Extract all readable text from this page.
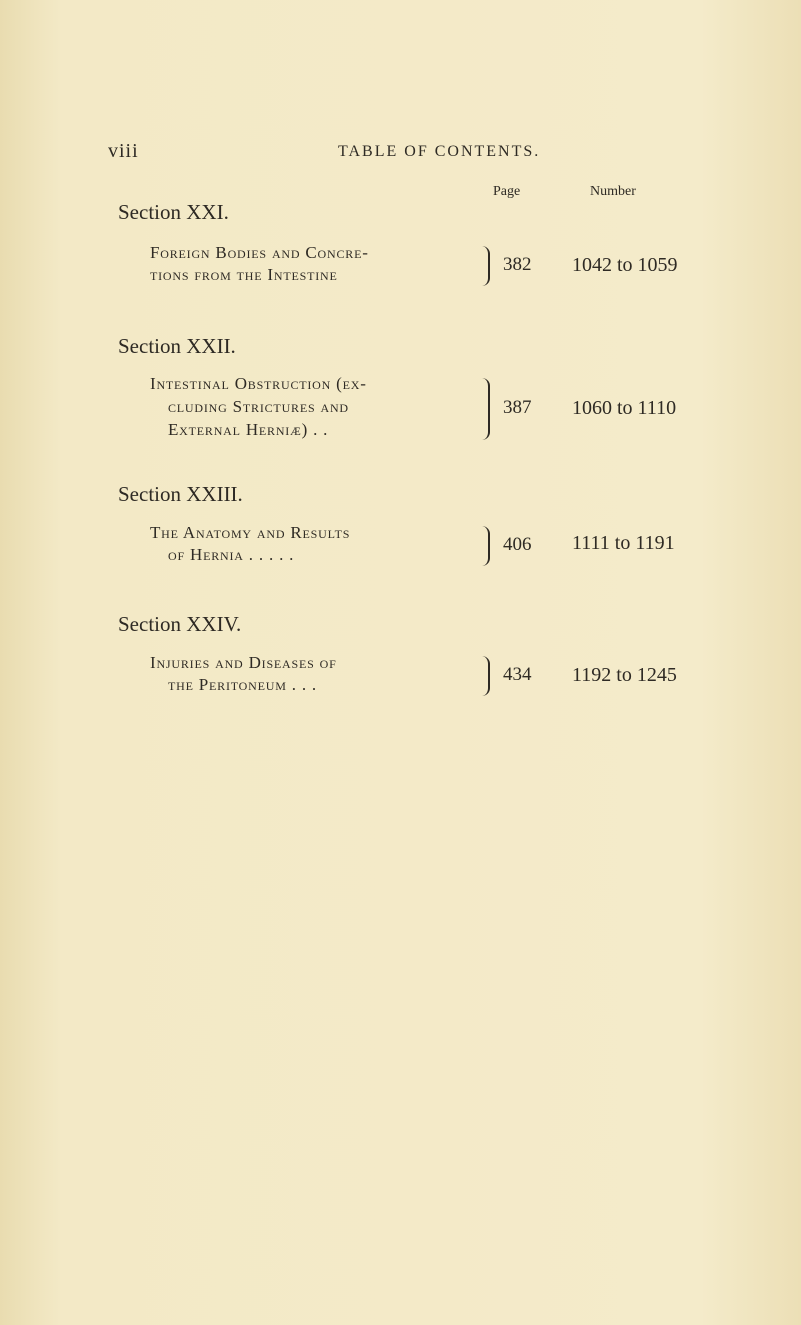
viii	TABLE OF CONTENTS.
Page	Number
Section XXI.
Foreign Bodies and Concre-
tions from the Intestine	382 1042 to 1059
Section XXII.
Intestinal Obstruction (ex-
cluding Strictures and
External Herniæ) . .
387 1060 to 1110
Section XXIII.
The Anatomy and Results
of Hernia . . . . .	406 1111 to 1191
Section XXIV.
Injuries and Diseases of
the Peritoneum . . .	434 1192 to 1245
